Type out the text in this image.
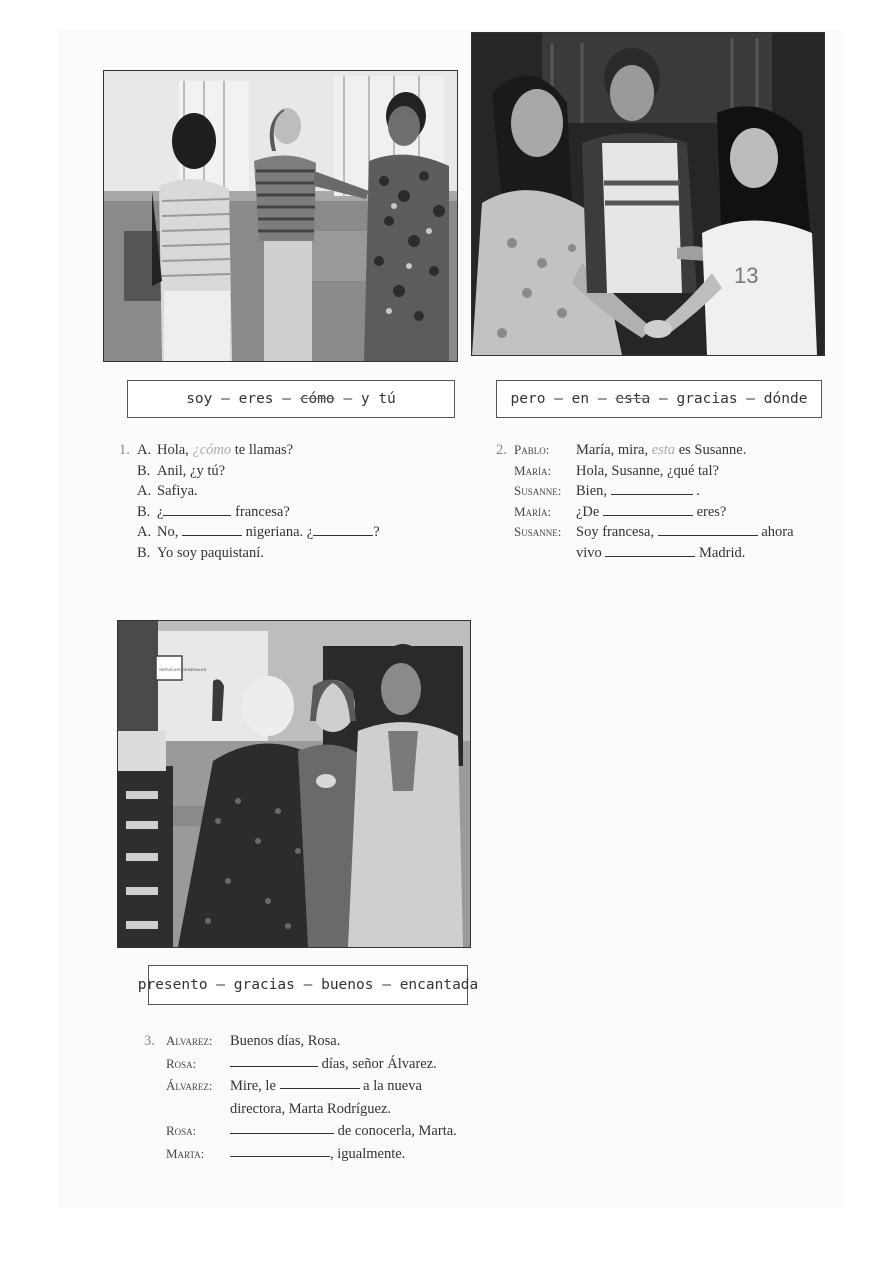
13
soy – eres – cómo – y tú	pero – en – esta – gracias – dónde
1. A. Hola, ¿cómo te llamas?
B. Anil, ¿y tú?
A. Safiya.
B. ¿	francesa?
A. No,	nigeriana. ¿	?
B. Yo soy paquistaní.
2. Pablo:	María, mira, esta es Susanne.
María:	Hola, Susanne, ¿qué tal?
Susanne:	Bien,	.
María:	¿De	eres?
Susanne:	Soy francesa,	ahora
vivo	Madrid.
SERVICIOS GENERALES
presento – gracias – buenos – encantada
3. Alvarez:	Buenos días, Rosa.
Rosa:	días, señor Álvarez.
Álvarez:	Mire, le	a la nueva
directora, Marta Rodríguez.
Rosa:	de conocerla, Marta.
Marta:	, igualmente.
